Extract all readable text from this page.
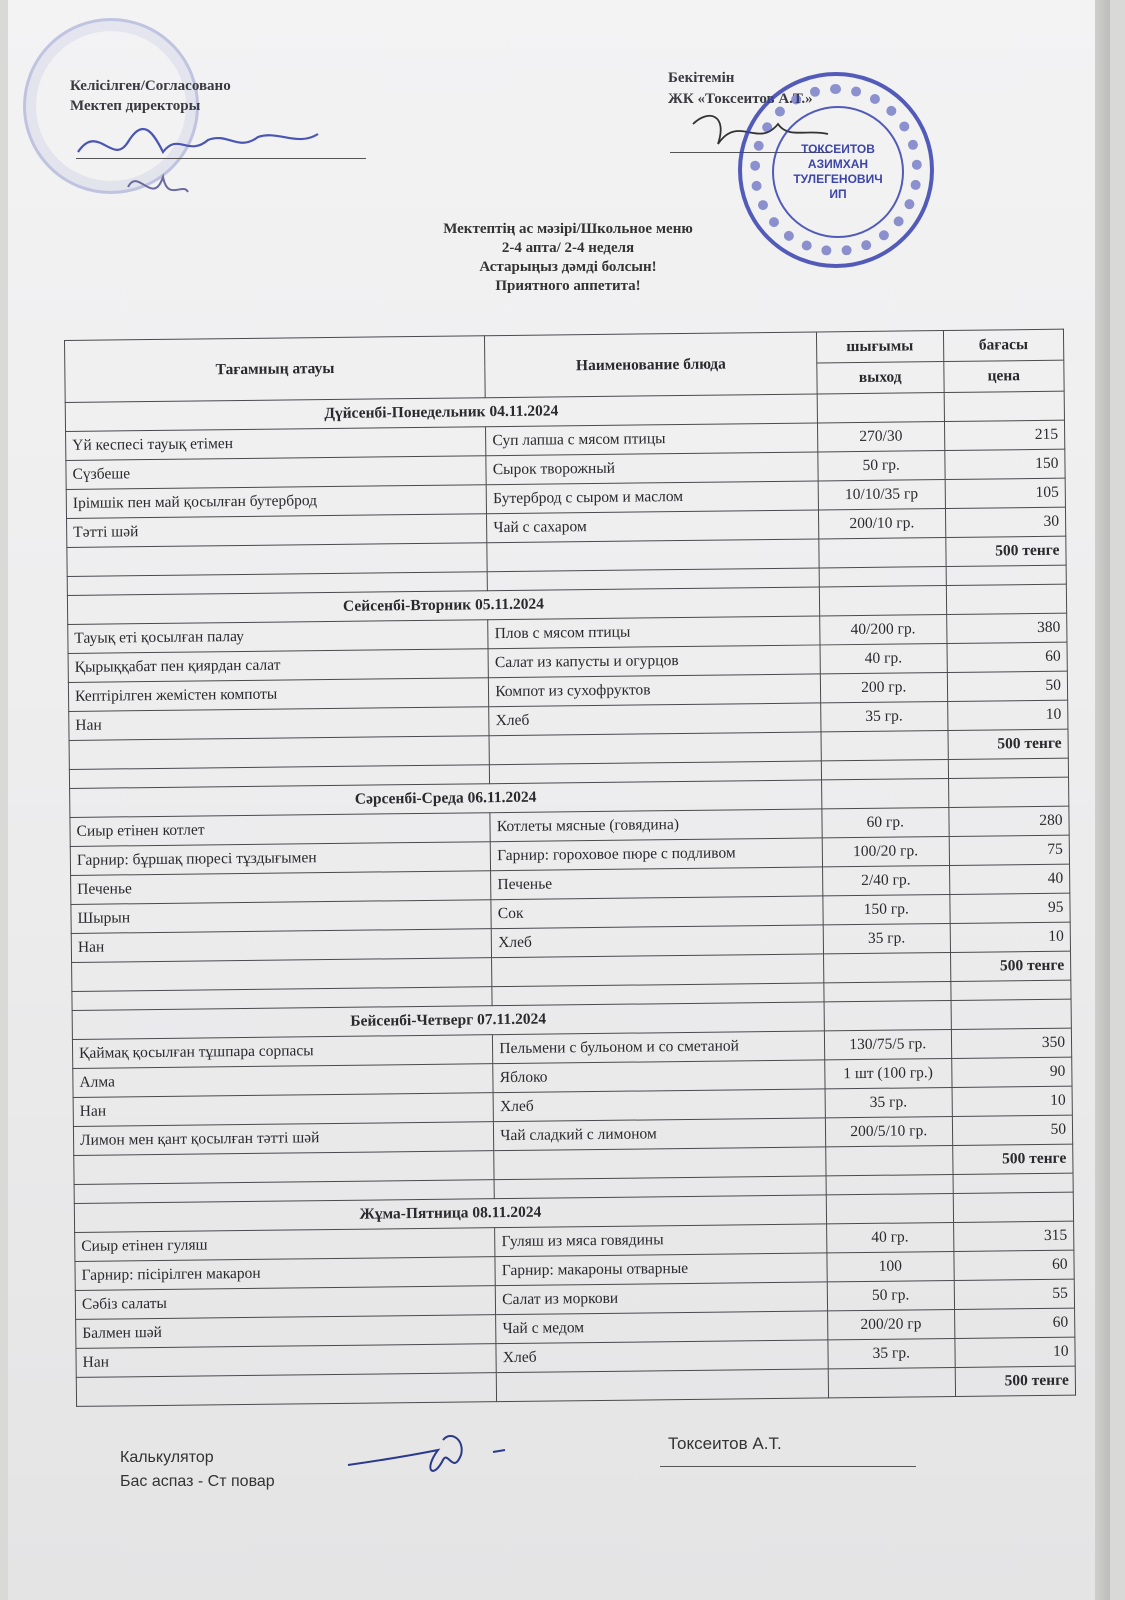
Келісілген/Согласовано
Мектеп директоры
Бекітемін
ЖК «Токсеитов А.Т.»
ТОКСЕИТОВ
АЗИМХАН
ТУЛЕГЕНОВИЧ
ИП
Мектептің ас мәзірі/Школьное меню
2-4 апта/ 2-4 неделя
Астарыңыз дәмді болсын!
Приятного аппетита!
Тағамның атауы	Наименование блюда	шығымы	бағасы
		выход	цена
Дүйсенбі-Понедельник 04.11.2024			
Үй кеспесі тауық етімен	Суп лапша с мясом птицы	270/30	215
Сүзбеше	Сырок творожный	50 гр.	150
Ірімшік пен май қосылған бутерброд	Бутерброд с сыром и маслом	10/10/35 гр	105
Тәтті шәй	Чай с сахаром	200/10 гр.	30
			500 тенге

Сейсенбі-Вторник 05.11.2024			
Тауық еті қосылған палау	Плов с мясом птицы	40/200 гр.	380
Қырыққабат пен қиярдан салат	Салат из капусты и огурцов	40 гр.	60
Кептірілген жемістен компоты	Компот из сухофруктов	200 гр.	50
Нан	Хлеб	35 гр.	10
			500 тенге

Сәрсенбі-Среда 06.11.2024			
Сиыр етінен котлет	Котлеты мясные (говядина)	60 гр.	280
Гарнир: бұршақ пюресі тұздығымен	Гарнир: гороховое пюре с подливом	100/20 гр.	75
Печенье	Печенье	2/40 гр.	40
Шырын	Сок	150 гр.	95
Нан	Хлеб	35 гр.	10
			500 тенге

Бейсенбі-Четверг 07.11.2024			
Қаймақ қосылған тұшпара сорпасы	Пельмени с бульоном и со сметаной	130/75/5 гр.	350
Алма	Яблоко	1 шт (100 гр.)	90
Нан	Хлеб	35 гр.	10
Лимон мен қант қосылған тәтті шәй	Чай сладкий с лимоном	200/5/10 гр.	50
			500 тенге

Жұма-Пятница 08.11.2024			
Сиыр етінен гуляш	Гуляш из мяса говядины	40 гр.	315
Гарнир: пісірілген макарон	Гарнир: макароны отварные	100	60
Сәбіз салаты	Салат из моркови	50 гр.	55
Балмен шәй	Чай с медом	200/20 гр	60
Нан	Хлеб	35 гр.	10
			500 тенге
Калькулятор
Бас аспаз - Ст повар
Токсеитов А.Т.
